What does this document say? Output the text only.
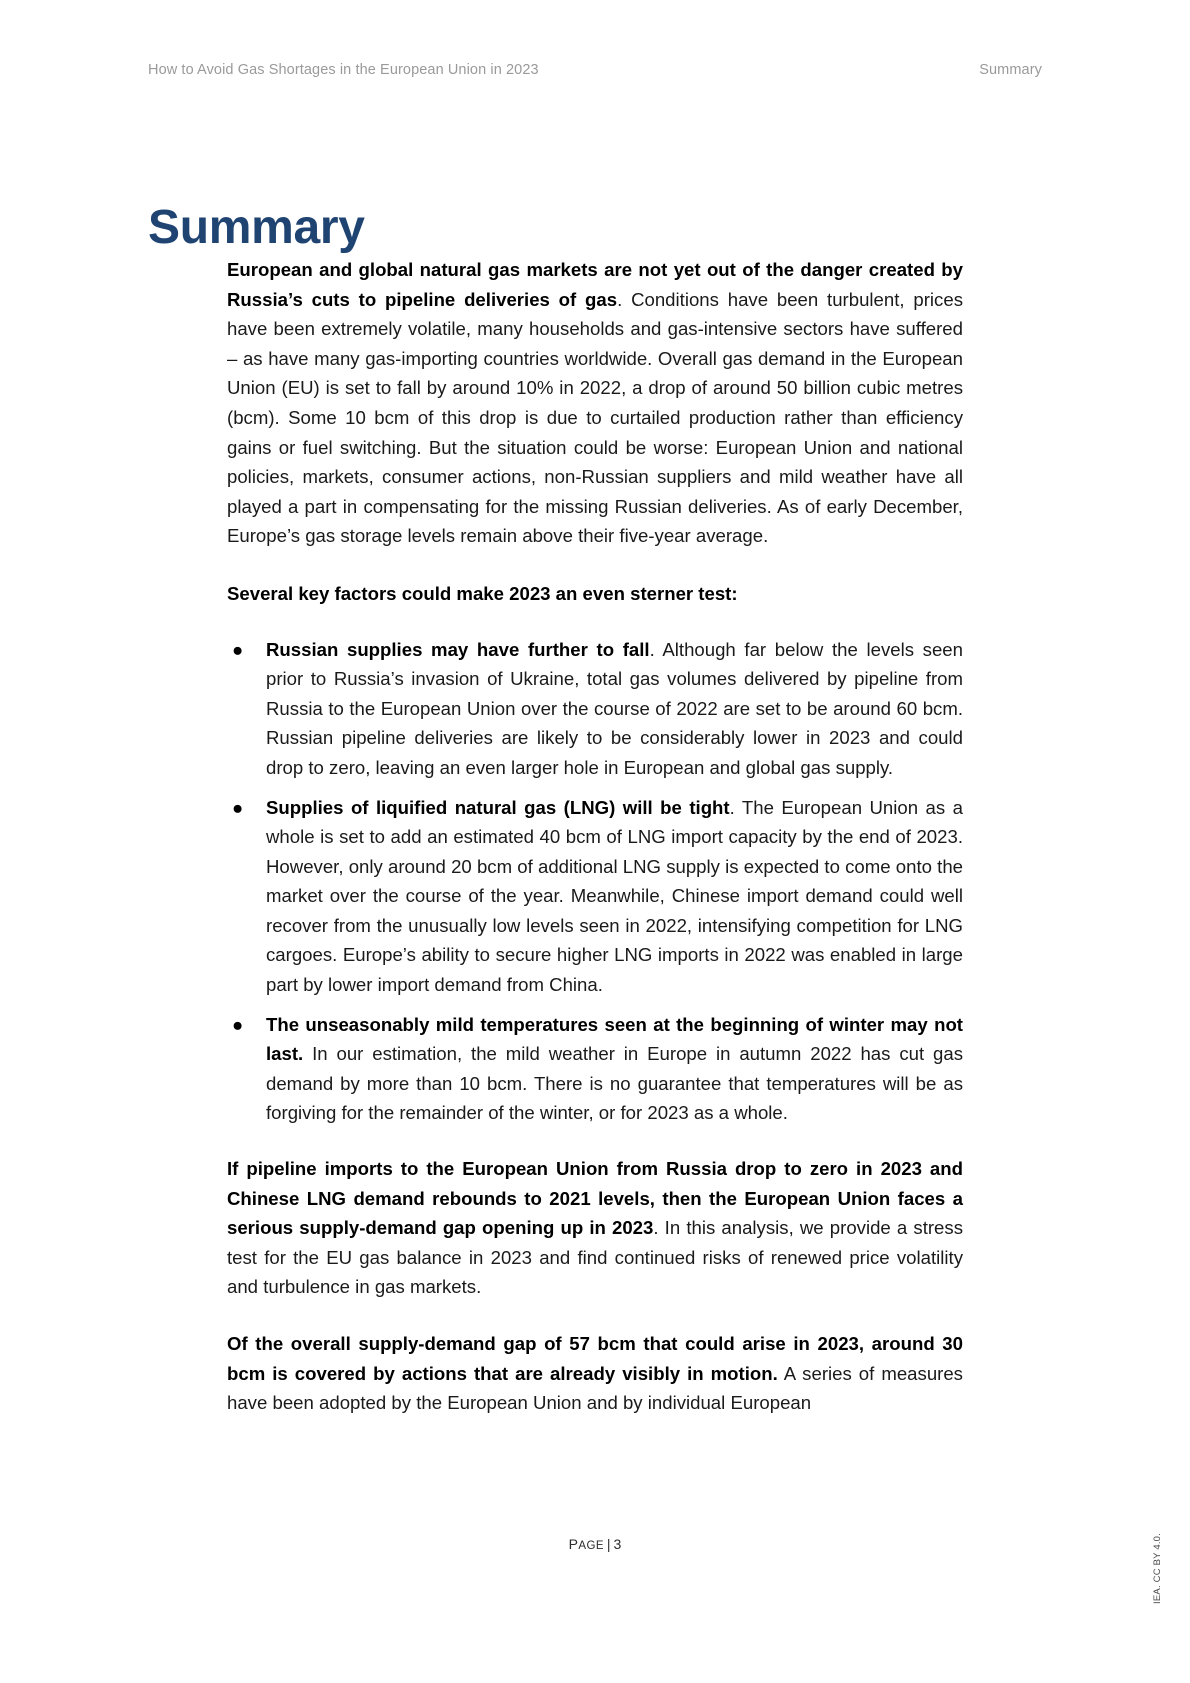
How to Avoid Gas Shortages in the European Union in 2023	Summary
Summary

European and global natural gas markets are not yet out of the danger created by Russia’s cuts to pipeline deliveries of gas. Conditions have been turbulent, prices have been extremely volatile, many households and gas-intensive sectors have suffered – as have many gas-importing countries worldwide. Overall gas demand in the European Union (EU) is set to fall by around 10% in 2022, a drop of around 50 billion cubic metres (bcm). Some 10 bcm of this drop is due to curtailed production rather than efficiency gains or fuel switching. But the situation could be worse: European Union and national policies, markets, consumer actions, non-Russian suppliers and mild weather have all played a part in compensating for the missing Russian deliveries. As of early December, Europe’s gas storage levels remain above their five-year average.

Several key factors could make 2023 an even sterner test:

● Russian supplies may have further to fall. Although far below the levels seen prior to Russia’s invasion of Ukraine, total gas volumes delivered by pipeline from Russia to the European Union over the course of 2022 are set to be around 60 bcm. Russian pipeline deliveries are likely to be considerably lower in 2023 and could drop to zero, leaving an even larger hole in European and global gas supply.
● Supplies of liquified natural gas (LNG) will be tight. The European Union as a whole is set to add an estimated 40 bcm of LNG import capacity by the end of 2023. However, only around 20 bcm of additional LNG supply is expected to come onto the market over the course of the year. Meanwhile, Chinese import demand could well recover from the unusually low levels seen in 2022, intensifying competition for LNG cargoes. Europe’s ability to secure higher LNG imports in 2022 was enabled in large part by lower import demand from China.
● The unseasonably mild temperatures seen at the beginning of winter may not last. In our estimation, the mild weather in Europe in autumn 2022 has cut gas demand by more than 10 bcm. There is no guarantee that temperatures will be as forgiving for the remainder of the winter, or for 2023 as a whole.

If pipeline imports to the European Union from Russia drop to zero in 2023 and Chinese LNG demand rebounds to 2021 levels, then the European Union faces a serious supply-demand gap opening up in 2023. In this analysis, we provide a stress test for the EU gas balance in 2023 and find continued risks of renewed price volatility and turbulence in gas markets.

Of the overall supply-demand gap of 57 bcm that could arise in 2023, around 30 bcm is covered by actions that are already visibly in motion. A series of measures have been adopted by the European Union and by individual European

PAGE | 3	IEA. CC BY 4.0.
